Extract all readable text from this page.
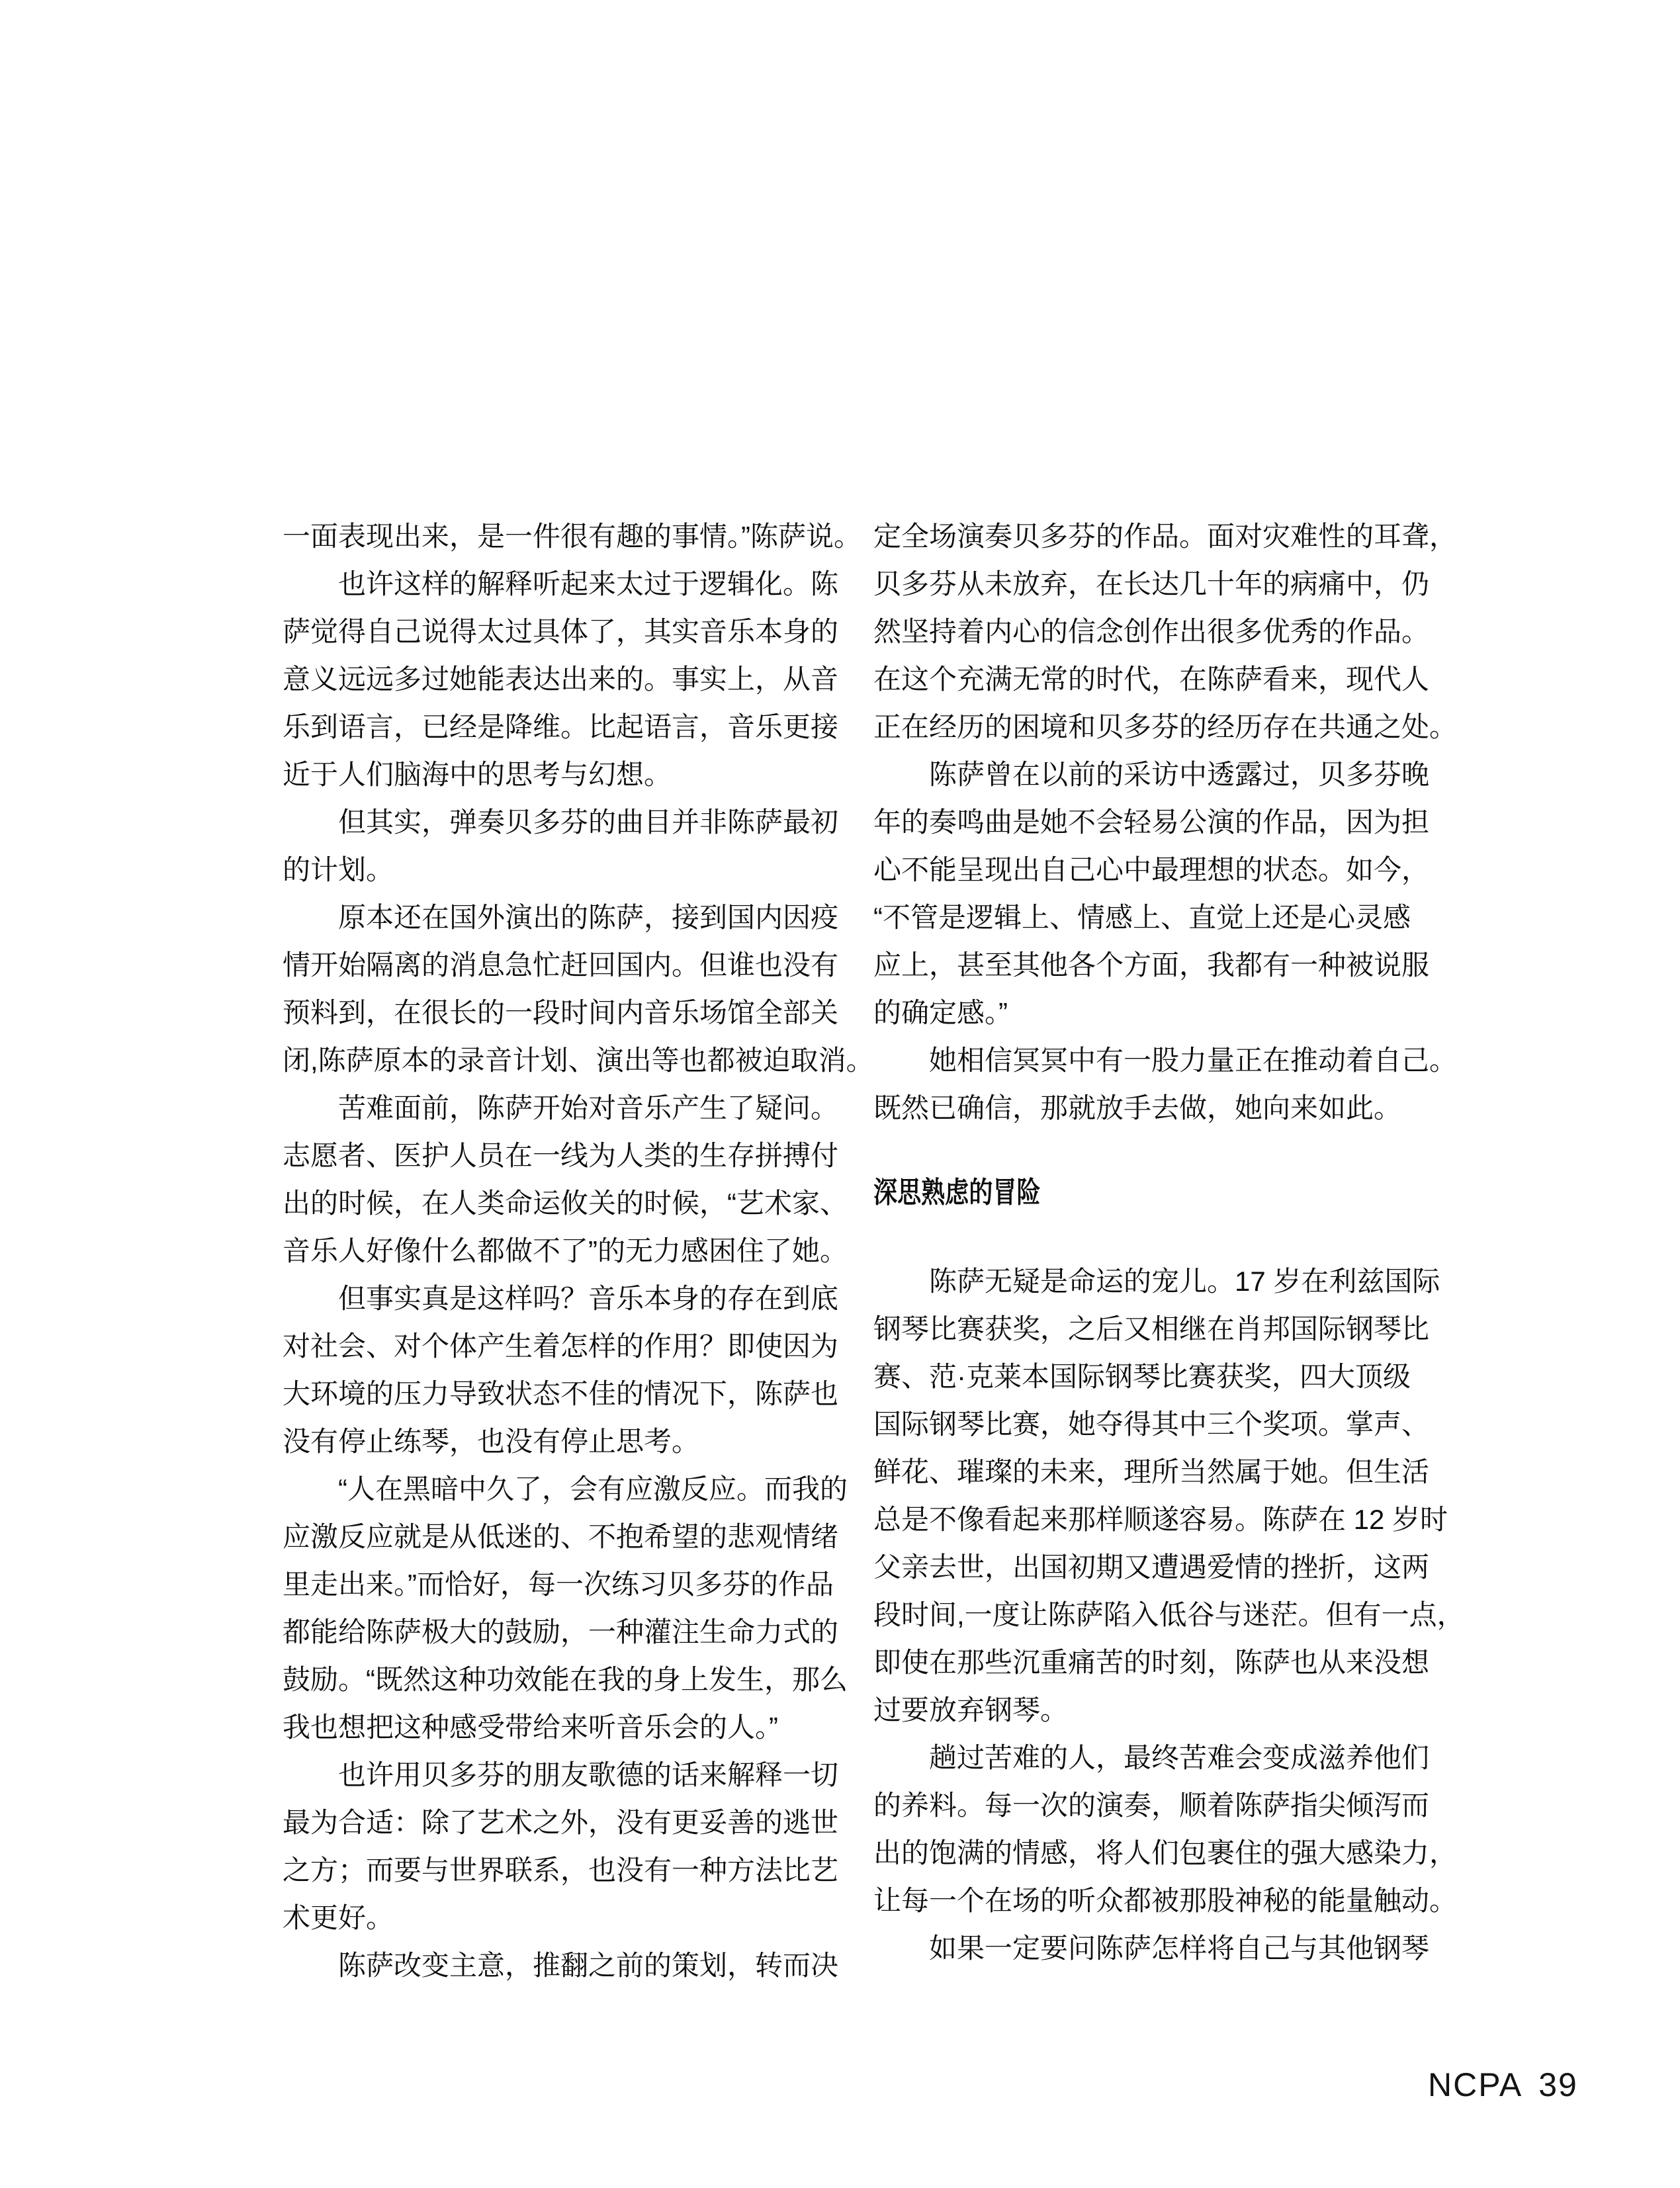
一面表现出来，是一件很有趣的事情。”陈萨说。
　　也许这样的解释听起来太过于逻辑化。陈
萨觉得自己说得太过具体了，其实音乐本身的
意义远远多过她能表达出来的。事实上，从音
乐到语言，已经是降维。比起语言，音乐更接
近于人们脑海中的思考与幻想。
　　但其实，弹奏贝多芬的曲目并非陈萨最初
的计划。
　　原本还在国外演出的陈萨，接到国内因疫
情开始隔离的消息急忙赶回国内。但谁也没有
预料到，在很长的一段时间内音乐场馆全部关
闭,陈萨原本的录音计划、演出等也都被迫取消。
　　苦难面前，陈萨开始对音乐产生了疑问。
志愿者、医护人员在一线为人类的生存拼搏付
出的时候，在人类命运攸关的时候，“艺术家、
音乐人好像什么都做不了”的无力感困住了她。
　　但事实真是这样吗？音乐本身的存在到底
对社会、对个体产生着怎样的作用？即使因为
大环境的压力导致状态不佳的情况下，陈萨也
没有停止练琴，也没有停止思考。
　　“人在黑暗中久了，会有应激反应。而我的
应激反应就是从低迷的、不抱希望的悲观情绪
里走出来。”而恰好，每一次练习贝多芬的作品
都能给陈萨极大的鼓励，一种灌注生命力式的
鼓励。“既然这种功效能在我的身上发生，那么
我也想把这种感受带给来听音乐会的人。”
　　也许用贝多芬的朋友歌德的话来解释一切
最为合适：除了艺术之外，没有更妥善的逃世
之方；而要与世界联系，也没有一种方法比艺
术更好。
　　陈萨改变主意，推翻之前的策划，转而决
定全场演奏贝多芬的作品。面对灾难性的耳聋，
贝多芬从未放弃，在长达几十年的病痛中，仍
然坚持着内心的信念创作出很多优秀的作品。
在这个充满无常的时代，在陈萨看来，现代人
正在经历的困境和贝多芬的经历存在共通之处。
　　陈萨曾在以前的采访中透露过，贝多芬晚
年的奏鸣曲是她不会轻易公演的作品，因为担
心不能呈现出自己心中最理想的状态。如今，
“不管是逻辑上、情感上、直觉上还是心灵感
应上，甚至其他各个方面，我都有一种被说服
的确定感。”
　　她相信冥冥中有一股力量正在推动着自己。
既然已确信，那就放手去做，她向来如此。
深思熟虑的冒险
　　陈萨无疑是命运的宠儿。17 岁在利兹国际
钢琴比赛获奖，之后又相继在肖邦国际钢琴比
赛、范·克莱本国际钢琴比赛获奖，四大顶级
国际钢琴比赛，她夺得其中三个奖项。掌声、
鲜花、璀璨的未来，理所当然属于她。但生活
总是不像看起来那样顺遂容易。陈萨在 12 岁时
父亲去世，出国初期又遭遇爱情的挫折，这两
段时间,一度让陈萨陷入低谷与迷茫。但有一点，
即使在那些沉重痛苦的时刻，陈萨也从来没想
过要放弃钢琴。
　　趟过苦难的人，最终苦难会变成滋养他们
的养料。每一次的演奏，顺着陈萨指尖倾泻而
出的饱满的情感，将人们包裹住的强大感染力，
让每一个在场的听众都被那股神秘的能量触动。
　　如果一定要问陈萨怎样将自己与其他钢琴
NCPA 39
